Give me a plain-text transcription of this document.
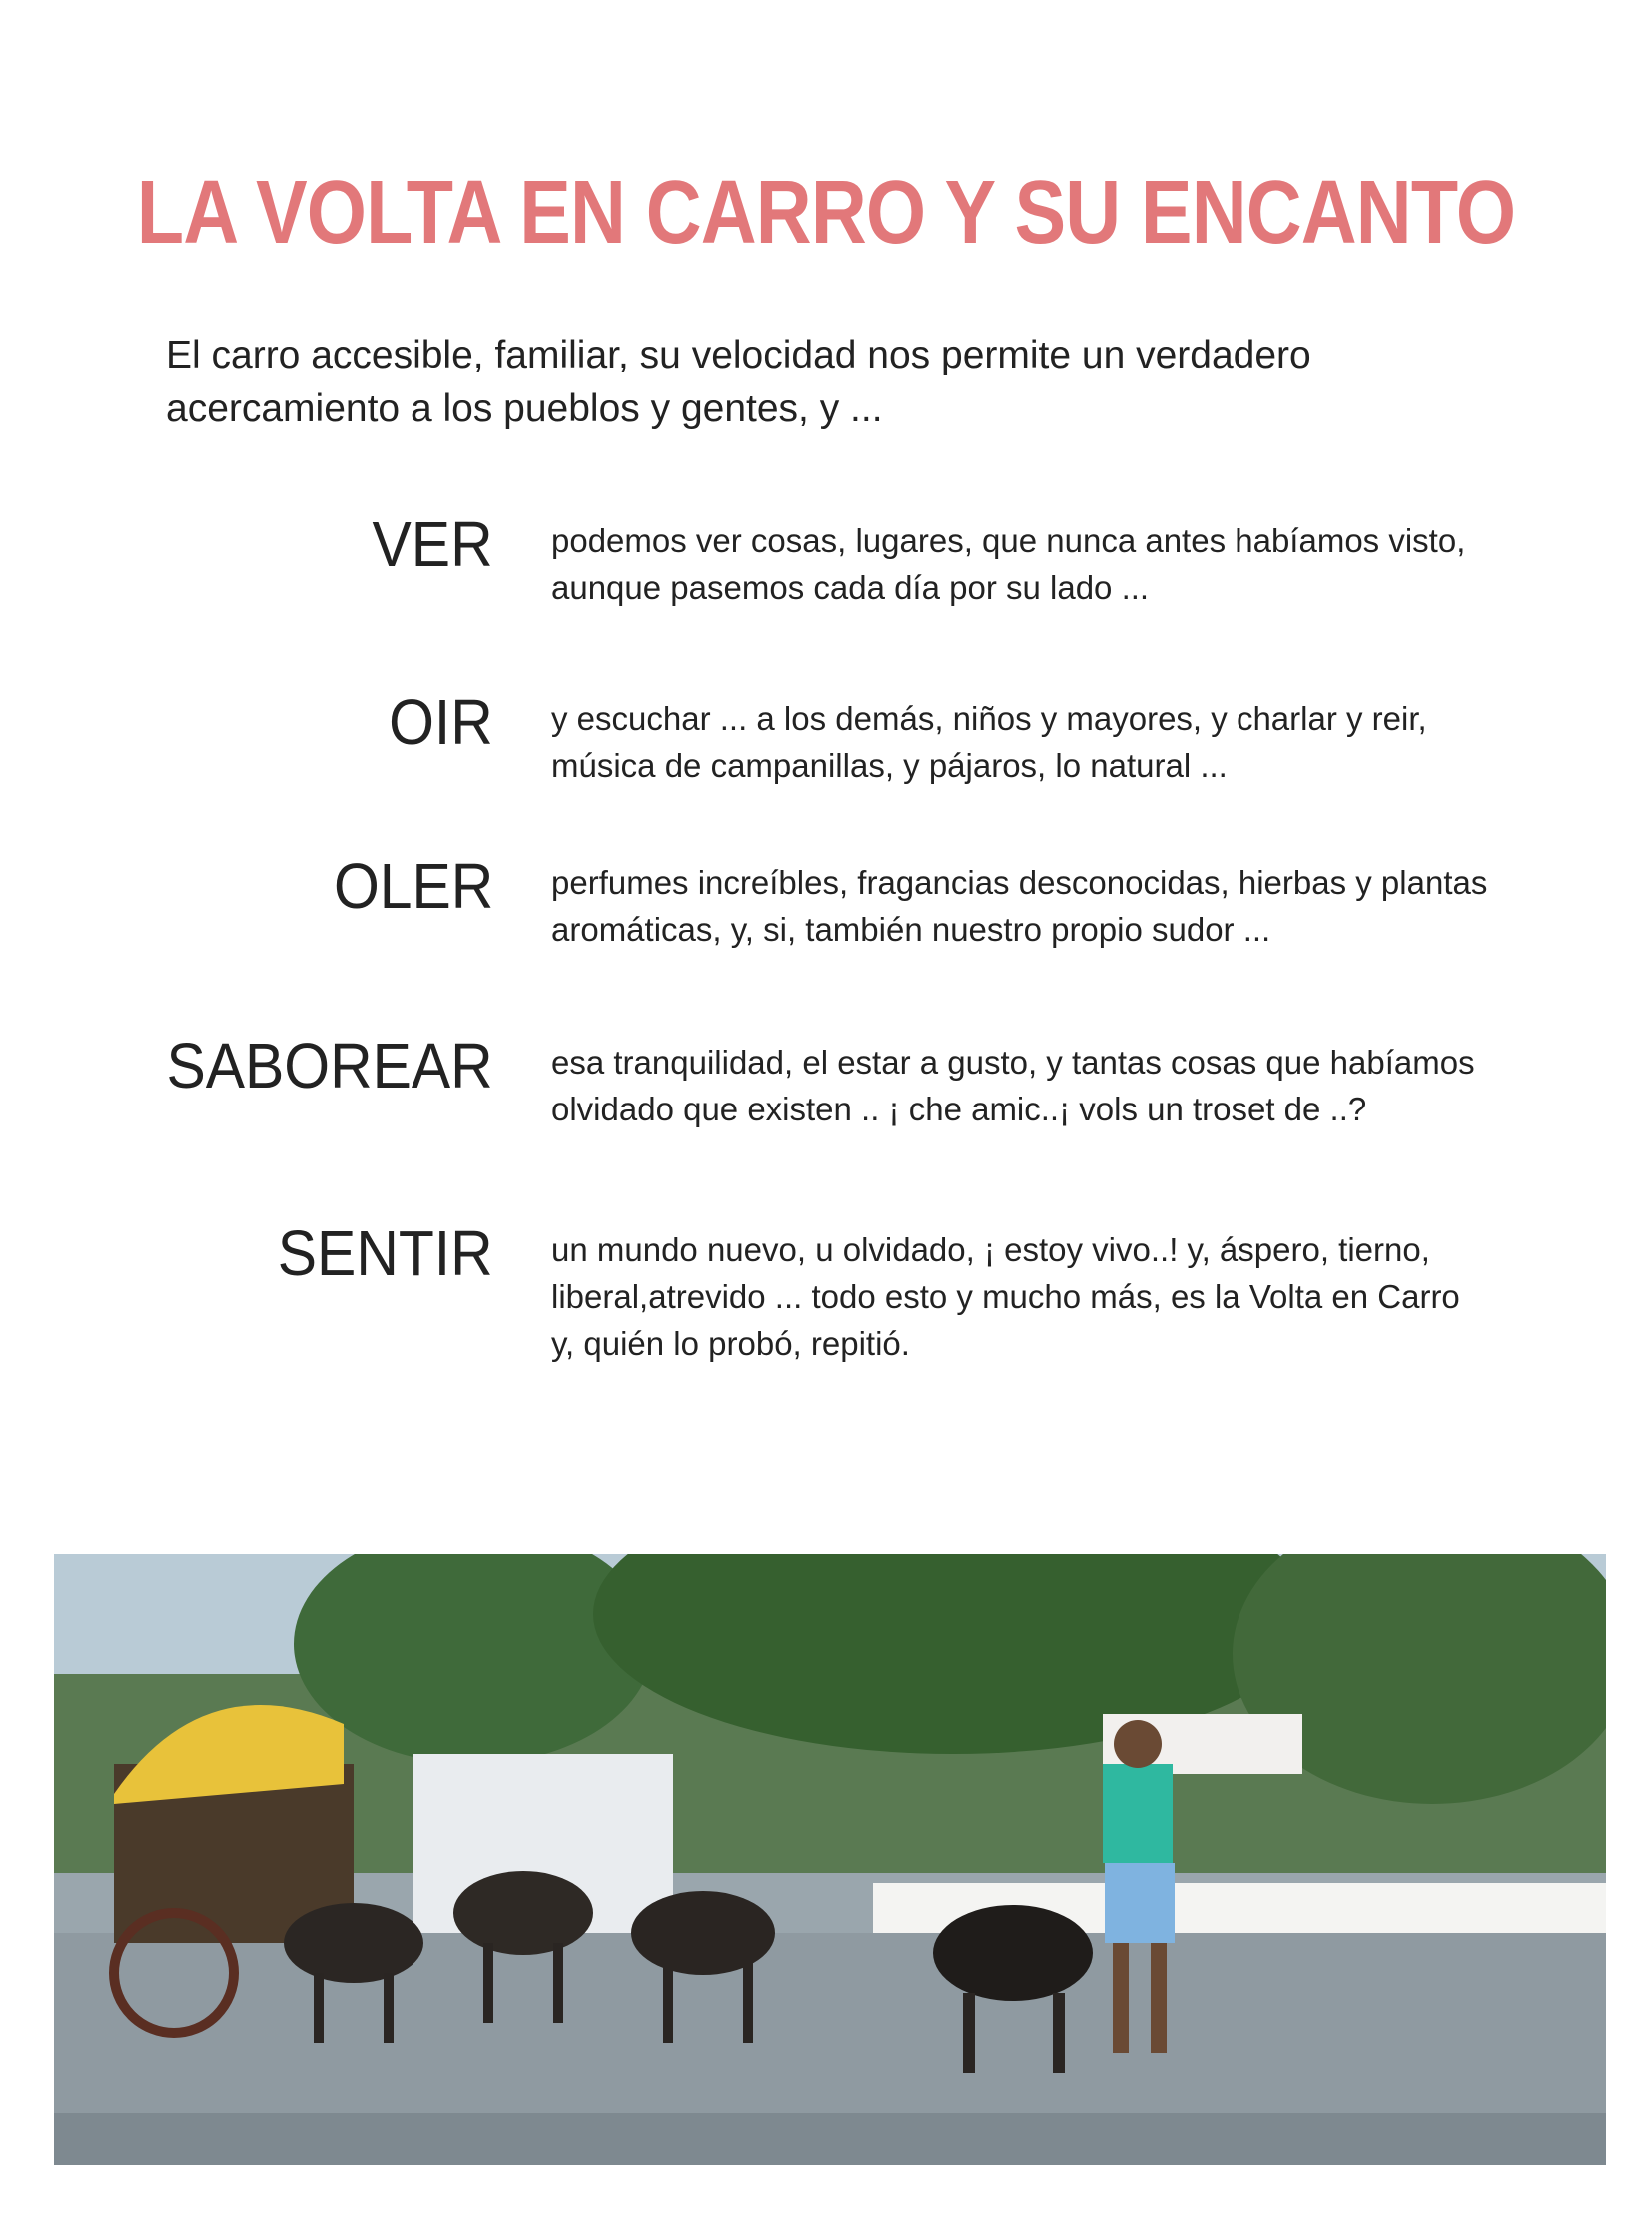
LA VOLTA EN CARRO Y SU ENCANTO

El carro accesible, familiar, su velocidad nos permite un verdadero acercamiento a los pueblos y gentes, y ...

VER podemos ver cosas, lugares, que nunca antes habíamos visto, aunque pasemos cada día por su lado ...
OIR y escuchar ... a los demás, niños y mayores, y charlar y reir, música de campanillas, y pájaros, lo natural ...
OLER perfumes increíbles, fragancias desconocidas, hierbas y plantas aromáticas, y, si, también nuestro propio sudor ...
SABOREAR esa tranquilidad, el estar a gusto, y tantas cosas que habíamos olvidado que existen .. ¡ che amic..¡ vols un troset de ..?
SENTIR un mundo nuevo, u olvidado, ¡ estoy vivo..! y, áspero, tierno, liberal,atrevido ... todo esto y mucho más, es la Volta en Carro y, quién lo probó, repitió.
